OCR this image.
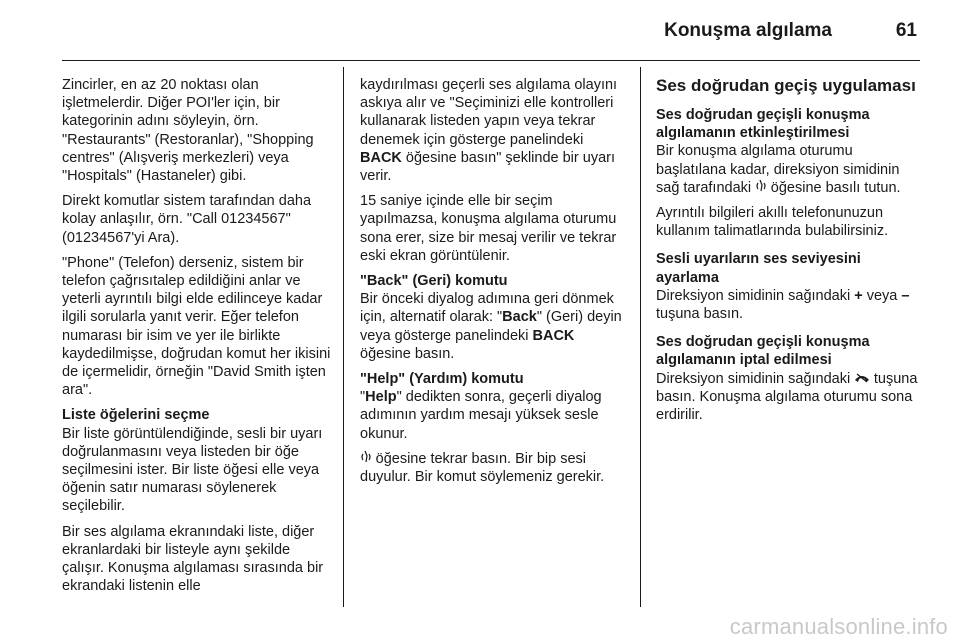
Konuşma algılama	61

Zincirler, en az 20 noktası olan işletmelerdir. Diğer POI'ler için, bir kategorinin adını söyleyin, örn. "Restaurants" (Restoranlar), "Shopping centres" (Alışveriş merkezleri) veya "Hospitals" (Hastaneler) gibi.

Direkt komutlar sistem tarafından daha kolay anlaşılır, örn. "Call 01234567" (01234567'yi Ara).

"Phone" (Telefon) derseniz, sistem bir telefon çağrısıtalep edildiğini anlar ve yeterli ayrıntılı bilgi elde edilinceye kadar ilgili sorularla yanıt verir. Eğer telefon numarası bir isim ve yer ile birlikte kaydedilmişse, doğrudan komut her ikisini de içermelidir, örneğin "David Smith işten ara".

Liste öğelerini seçme

Bir liste görüntülendiğinde, sesli bir uyarı doğrulanmasını veya listeden bir öğe seçilmesini ister. Bir liste öğesi elle veya öğenin satır numarası söylenerek seçilebilir.

Bir ses algılama ekranındaki liste, diğer ekranlardaki bir listeyle aynı şekilde çalışır. Konuşma algılaması sırasında bir ekrandaki listenin elle

kaydırılması geçerli ses algılama olayını askıya alır ve "Seçiminizi elle kontrolleri kullanarak listeden yapın veya tekrar denemek için gösterge panelindeki BACK öğesine basın" şeklinde bir uyarı verir.

15 saniye içinde elle bir seçim yapılmazsa, konuşma algılama oturumu sona erer, size bir mesaj verilir ve tekrar eski ekran görüntülenir.

"Back" (Geri) komutu

Bir önceki diyalog adımına geri dönmek için, alternatif olarak: "Back" (Geri) deyin veya gösterge panelindeki BACK öğesine basın.

"Help" (Yardım) komutu

"Help" dedikten sonra, geçerli diyalog adımının yardım mesajı yüksek sesle okunur.

öğesine tekrar basın. Bir bip sesi duyulur. Bir komut söylemeniz gerekir.

Ses doğrudan geçiş uygulaması
Ses doğrudan geçişli konuşma algılamanın etkinleştirilmesi

Bir konuşma algılama oturumu başlatılana kadar, direksiyon simidinin sağ tarafındaki  öğesine basılı tutun.

Ayrıntılı bilgileri akıllı telefonunuzun kullanım talimatlarında bulabilirsiniz.

Sesli uyarıların ses seviyesini ayarlama

Direksiyon simidinin sağındaki + veya – tuşuna basın.

Ses doğrudan geçişli konuşma algılamanın iptal edilmesi

Direksiyon simidinin sağındaki  tuşuna basın. Konuşma algılama oturumu sona erdirilir.

carmanualsonline.info
